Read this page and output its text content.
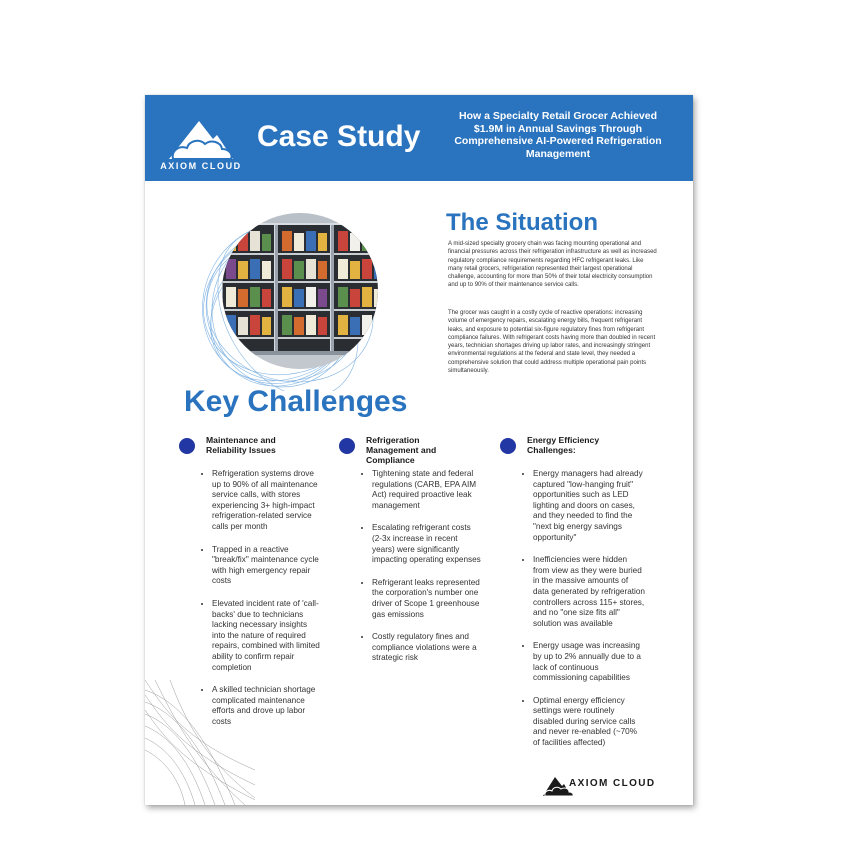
AXIOM CLOUD
Case Study
How a Specialty Retail Grocer Achieved $1.9M in Annual Savings Through Comprehensive AI-Powered Refrigeration Management
The Situation

A mid-sized specialty grocery chain was facing mounting operational and financial pressures across their refrigeration infrastructure as well as increased regulatory compliance requirements regarding HFC refrigerant leaks. Like many retail grocers, refrigeration represented their largest operational challenge, accounting for more than 50% of their total electricity consumption and up to 90% of their maintenance service calls.

The grocer was caught in a costly cycle of reactive operations: increasing volume of emergency repairs, escalating energy bills, frequent refrigerant leaks, and exposure to potential six-figure regulatory fines from refrigerant compliance failures. With refrigerant costs having more than doubled in recent years, technician shortages driving up labor rates, and increasingly stringent environmental regulations at the federal and state level, they needed a comprehensive solution that could address multiple operational pain points simultaneously.

Key Challenges
Maintenance and Reliability Issues
• Refrigeration systems drove up to 90% of all maintenance service calls, with stores experiencing 3+ high-impact refrigeration-related service calls per month
• Trapped in a reactive "break/fix" maintenance cycle with high emergency repair costs
• Elevated incident rate of 'call-backs' due to technicians lacking necessary insights into the nature of required repairs, combined with limited ability to confirm repair completion
• A skilled technician shortage complicated maintenance efforts and drove up labor costs
Refrigeration Management and Compliance
• Tightening state and federal regulations (CARB, EPA AIM Act) required proactive leak management
• Escalating refrigerant costs (2-3x increase in recent years) were significantly impacting operating expenses
• Refrigerant leaks represented the corporation's number one driver of Scope 1 greenhouse gas emissions
• Costly regulatory fines and compliance violations were a strategic risk
Energy Efficiency Challenges:
• Energy managers had already captured "low-hanging fruit" opportunities such as LED lighting and doors on cases, and they needed to find the "next big energy savings opportunity"
• Inefficiencies were hidden from view as they were buried in the massive amounts of data generated by refrigeration controllers across 115+ stores, and no "one size fits all" solution was available
• Energy usage was increasing by up to 2% annually due to a lack of continuous commissioning capabilities
• Optimal energy efficiency settings were routinely disabled during service calls and never re-enabled (~70% of facilities affected)
AXIOM CLOUD
